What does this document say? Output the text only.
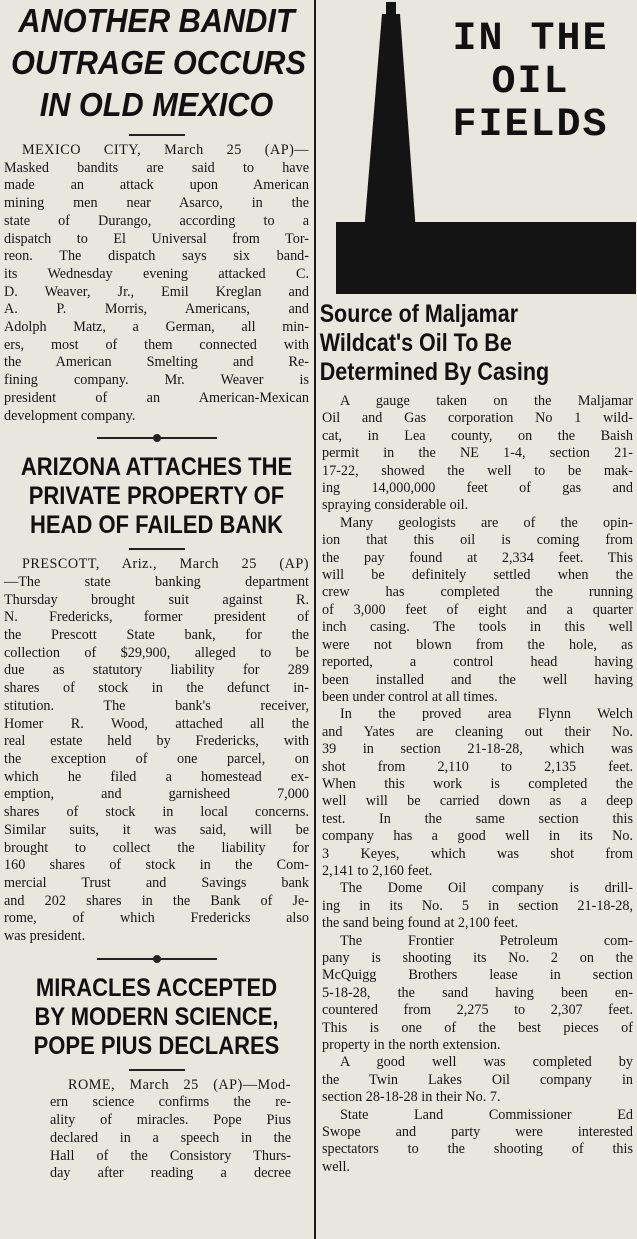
ANOTHER BANDIT
OUTRAGE OCCURS
IN OLD MEXICO
MEXICO CITY, March 25 (AP)—
Masked bandits are said to have
made an attack upon American
mining men near Asarco, in the
state of Durango, according to a
dispatch to El Universal from Tor-
reon. The dispatch says six band-
its Wednesday evening attacked C.
D. Weaver, Jr., Emil Kreglan and
A. P. Morris, Americans, and
Adolph Matz, a German, all min-
ers, most of them connected with
the American Smelting and Re-
fining company. Mr. Weaver is
president of an American-Mexican
development company.
ARIZONA ATTACHES THE
PRIVATE PROPERTY OF
HEAD OF FAILED BANK
PRESCOTT, Ariz., March 25 (AP)
—The state banking department
Thursday brought suit against R.
N. Fredericks, former president of
the Prescott State bank, for the
collection of $29,900, alleged to be
due as statutory liability for 289
shares of stock in the defunct in-
stitution. The bank's receiver,
Homer R. Wood, attached all the
real estate held by Fredericks, with
the exception of one parcel, on
which he filed a homestead ex-
emption, and garnisheed 7,000
shares of stock in local concerns.
Similar suits, it was said, will be
brought to collect the liability for
160 shares of stock in the Com-
mercial Trust and Savings bank
and 202 shares in the Bank of Je-
rome, of which Fredericks also
was president.
MIRACLES ACCEPTED
BY MODERN SCIENCE,
POPE PIUS DECLARES
ROME, March 25 (AP)—Mod-
ern science confirms the re-
ality of miracles. Pope Pius
declared in a speech in the
Hall of the Consistory Thurs-
day after reading a decree
IN THE
OIL
FIELDS
Source of Maljamar
Wildcat's Oil To Be
Determined By Casing
A gauge taken on the Maljamar
Oil and Gas corporation No 1 wild-
cat, in Lea county, on the Baish
permit in the NE 1-4, section 21-
17-22, showed the well to be mak-
ing 14,000,000 feet of gas and
spraying considerable oil.
Many geologists are of the opin-
ion that this oil is coming from
the pay found at 2,334 feet. This
will be definitely settled when the
crew has completed the running
of 3,000 feet of eight and a quarter
inch casing. The tools in this well
were not blown from the hole, as
reported, a control head having
been installed and the well having
been under control at all times.
In the proved area Flynn Welch
and Yates are cleaning out their No.
39 in section 21-18-28, which was
shot from 2,110 to 2,135 feet.
When this work is completed the
well will be carried down as a deep
test. In the same section this
company has a good well in its No.
3 Keyes, which was shot from
2,141 to 2,160 feet.
The Dome Oil company is drill-
ing in its No. 5 in section 21-18-28,
the sand being found at 2,100 feet.
The Frontier Petroleum com-
pany is shooting its No. 2 on the
McQuigg Brothers lease in section
5-18-28, the sand having been en-
countered from 2,275 to 2,307 feet.
This is one of the best pieces of
property in the north extension.
A good well was completed by
the Twin Lakes Oil company in
section 28-18-28 in their No. 7.
State Land Commissioner Ed
Swope and party were interested
spectators to the shooting of this
well.
